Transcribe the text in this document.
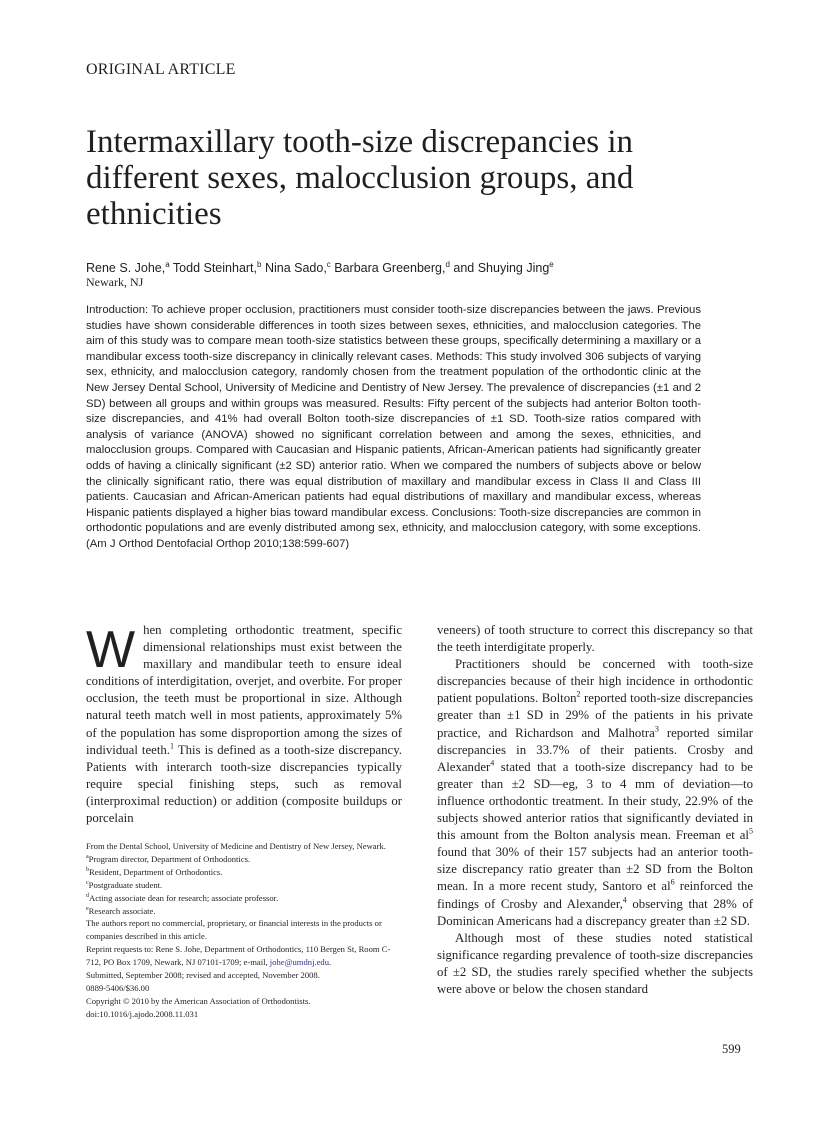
ORIGINAL ARTICLE
Intermaxillary tooth-size discrepancies in different sexes, malocclusion groups, and ethnicities
Rene S. Johe,$^a$ Todd Steinhart,$^b$ Nina Sado,$^c$ Barbara Greenberg,$^d$ and Shuying Jing$^e$
Newark, NJ

Introduction: To achieve proper occlusion, practitioners must consider tooth-size discrepancies between the jaws. Previous studies have shown considerable differences in tooth sizes between sexes, ethnicities, and malocclusion categories. The aim of this study was to compare mean tooth-size statistics between these groups, specifically determining a maxillary or a mandibular excess tooth-size discrepancy in clinically relevant cases. Methods: This study involved 306 subjects of varying sex, ethnicity, and malocclusion category, randomly chosen from the treatment population of the orthodontic clinic at the New Jersey Dental School, University of Medicine and Dentistry of New Jersey. The prevalence of discrepancies (±1 and 2 SD) between all groups and within groups was measured. Results: Fifty percent of the subjects had anterior Bolton tooth-size discrepancies, and 41% had overall Bolton tooth-size discrepancies of ±1 SD. Tooth-size ratios compared with analysis of variance (ANOVA) showed no significant correlation between and among the sexes, ethnicities, and malocclusion groups. Compared with Caucasian and Hispanic patients, African-American patients had significantly greater odds of having a clinically significant (±2 SD) anterior ratio. When we compared the numbers of subjects above or below the clinically significant ratio, there was equal distribution of maxillary and mandibular excess in Class II and Class III patients. Caucasian and African-American patients had equal distributions of maxillary and mandibular excess, whereas Hispanic patients displayed a higher bias toward mandibular excess. Conclusions: Tooth-size discrepancies are common in orthodontic populations and are evenly distributed among sex, ethnicity, and malocclusion category, with some exceptions. (Am J Orthod Dentofacial Orthop 2010;138:599-607)

When completing orthodontic treatment, specific dimensional relationships must exist between the maxillary and mandibular teeth to ensure ideal conditions of interdigitation, overjet, and overbite. For proper occlusion, the teeth must be proportional in size. Although natural teeth match well in most patients, approximately 5% of the population has some disproportion among the sizes of individual teeth.$^1$ This is defined as a tooth-size discrepancy. Patients with interarch tooth-size discrepancies typically require special finishing steps, such as removal (interproximal reduction) or addition (composite buildups or porcelain

From the Dental School, University of Medicine and Dentistry of New Jersey, Newark.
$^a$Program director, Department of Orthodontics.
$^b$Resident, Department of Orthodontics.
$^c$Postgraduate student.
$^d$Acting associate dean for research; associate professor.
$^e$Research associate.
The authors report no commercial, proprietary, or financial interests in the products or companies described in this article.
Reprint requests to: Rene S. Johe, Department of Orthodontics, 110 Bergen St, Room C-712, PO Box 1709, Newark, NJ 07101-1709; e-mail, johe@umdnj.edu.
Submitted, September 2008; revised and accepted, November 2008.
0889-5406/$36.00
Copyright © 2010 by the American Association of Orthodontists.
doi:10.1016/j.ajodo.2008.11.031

veneers) of tooth structure to correct this discrepancy so that the teeth interdigitate properly.

Practitioners should be concerned with tooth-size discrepancies because of their high incidence in orthodontic patient populations. Bolton$^2$ reported tooth-size discrepancies greater than ±1 SD in 29% of the patients in his private practice, and Richardson and Malhotra$^3$ reported similar discrepancies in 33.7% of their patients. Crosby and Alexander$^4$ stated that a tooth-size discrepancy had to be greater than ±2 SD—eg, 3 to 4 mm of deviation—to influence orthodontic treatment. In their study, 22.9% of the subjects showed anterior ratios that significantly deviated in this amount from the Bolton analysis mean. Freeman et $al^5$ found that 30% of their 157 subjects had an anterior tooth-size discrepancy ratio greater than ±2 SD from the Bolton mean. In a more recent study, Santoro et $al^6$ reinforced the findings of Crosby and Alexander,$^4$ observing that 28% of Dominican Americans had a discrepancy greater than ±2 SD.

Although most of these studies noted statistical significance regarding prevalence of tooth-size discrepancies of ±2 SD, the studies rarely specified whether the subjects were above or below the chosen standard

599
